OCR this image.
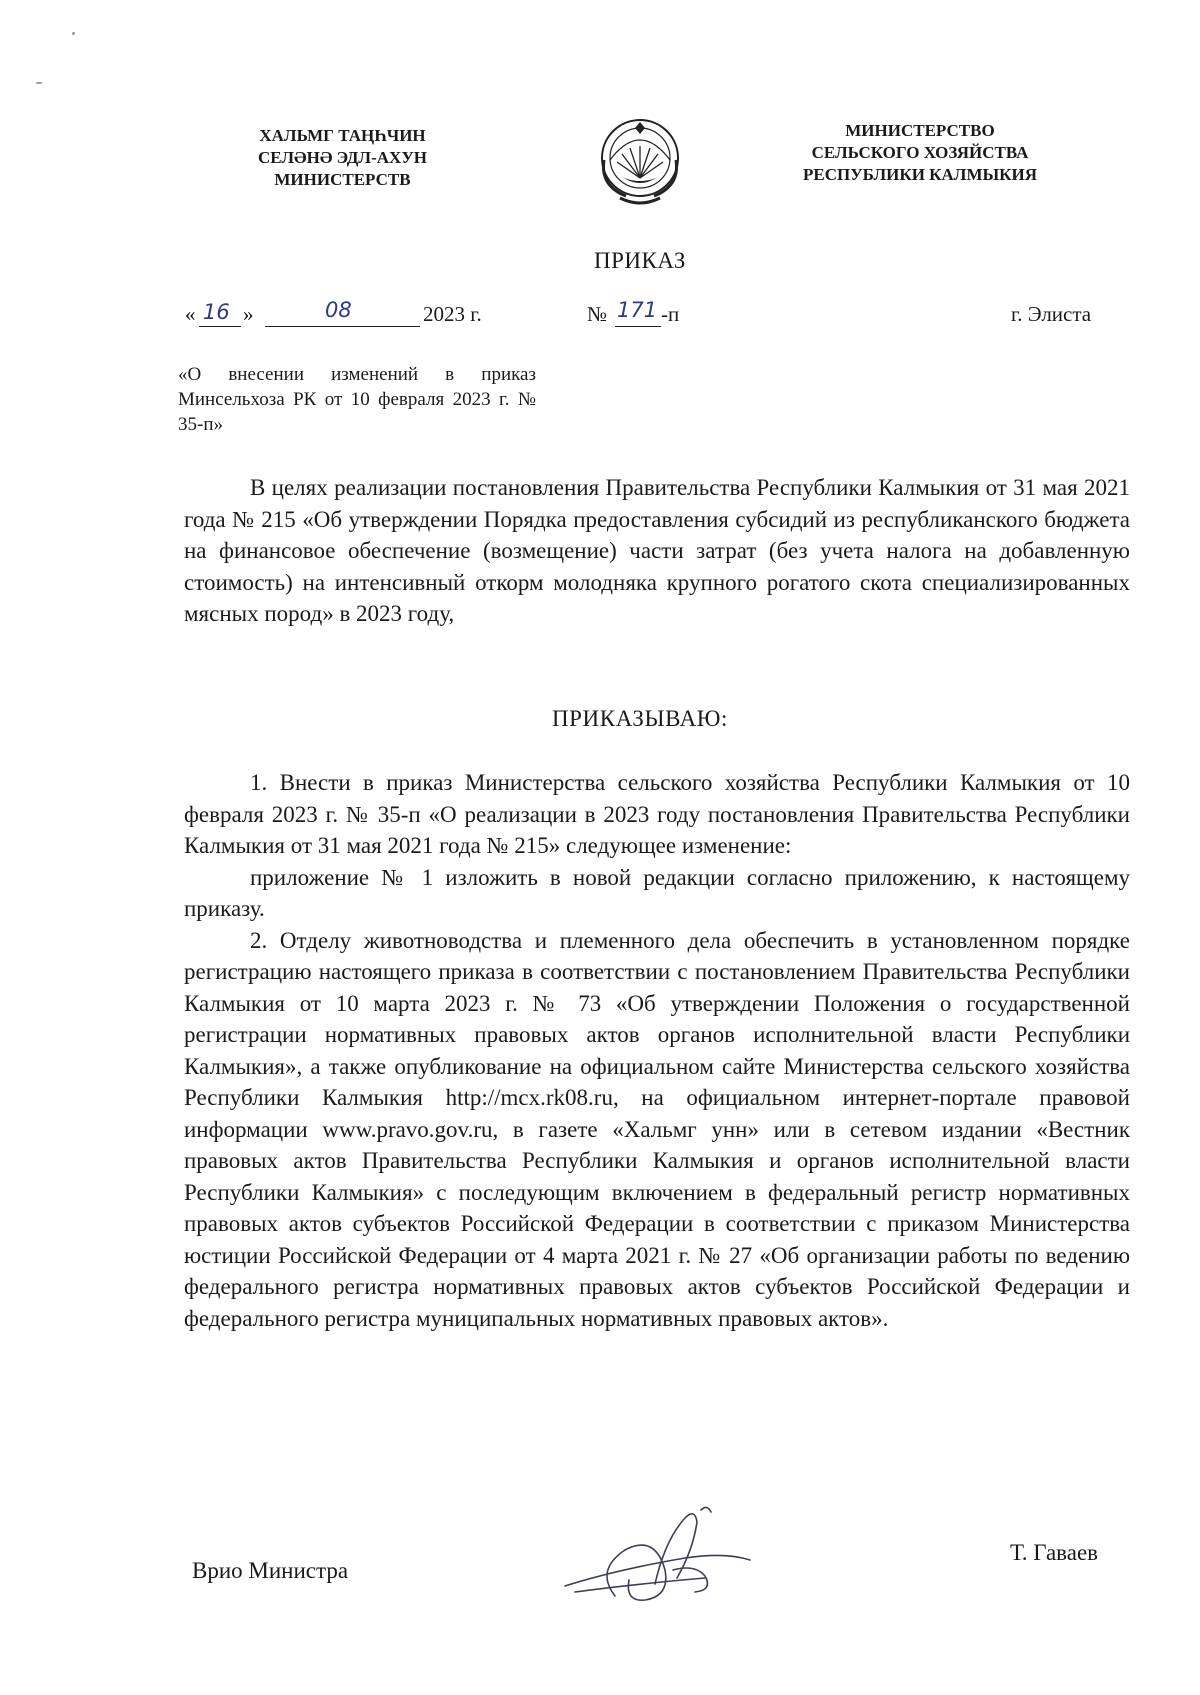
ХАЛЬМГ ТАҢҺЧИН
СЕЛӘНӘ ЭДЛ-АХУН
МИНИСТЕРСТВ
МИНИСТЕРСТВО
СЕЛЬСКОГО ХОЗЯЙСТВА
РЕСПУБЛИКИ КАЛМЫКИЯ
ПРИКАЗ
« 16 »	08	2023 г.	№ 171 -п	г. Элиста
«О внесении изменений в приказ Минсельхоза РК от 10 февраля 2023 г. № 35-п»

В целях реализации постановления Правительства Республики Калмыкия от 31 мая 2021 года № 215 «Об утверждении Порядка предоставления субсидий из республиканского бюджета на финансовое обеспечение (возмещение) части затрат (без учета налога на добавленную стоимость) на интенсивный откорм молодняка крупного рогатого скота специализированных мясных пород» в 2023 году,

ПРИКАЗЫВАЮ:

1. Внести в приказ Министерства сельского хозяйства Республики Калмыкия от 10 февраля 2023 г. № 35-п «О реализации в 2023 году постановления Правительства Республики Калмыкия от 31 мая 2021 года № 215» следующее изменение:

приложение № 1 изложить в новой редакции согласно приложению, к настоящему приказу.

2. Отделу животноводства и племенного дела обеспечить в установленном порядке регистрацию настоящего приказа в соответствии с постановлением Правительства Республики Калмыкия от 10 марта 2023 г. № 73 «Об утверждении Положения о государственной регистрации нормативных правовых актов органов исполнительной власти Республики Калмыкия», а также опубликование на официальном сайте Министерства сельского хозяйства Республики Калмыкия http://mcx.rk08.ru, на официальном интернет-портале правовой информации www.pravo.gov.ru, в газете «Хальмг унн» или в сетевом издании «Вестник правовых актов Правительства Республики Калмыкия и органов исполнительной власти Республики Калмыкия» с последующим включением в федеральный регистр нормативных правовых актов субъектов Российской Федерации в соответствии с приказом Министерства юстиции Российской Федерации от 4 марта 2021 г. № 27 «Об организации работы по ведению федерального регистра нормативных правовых актов субъектов Российской Федерации и федерального регистра муниципальных нормативных правовых актов».

Врио Министра
Т. Гаваев
